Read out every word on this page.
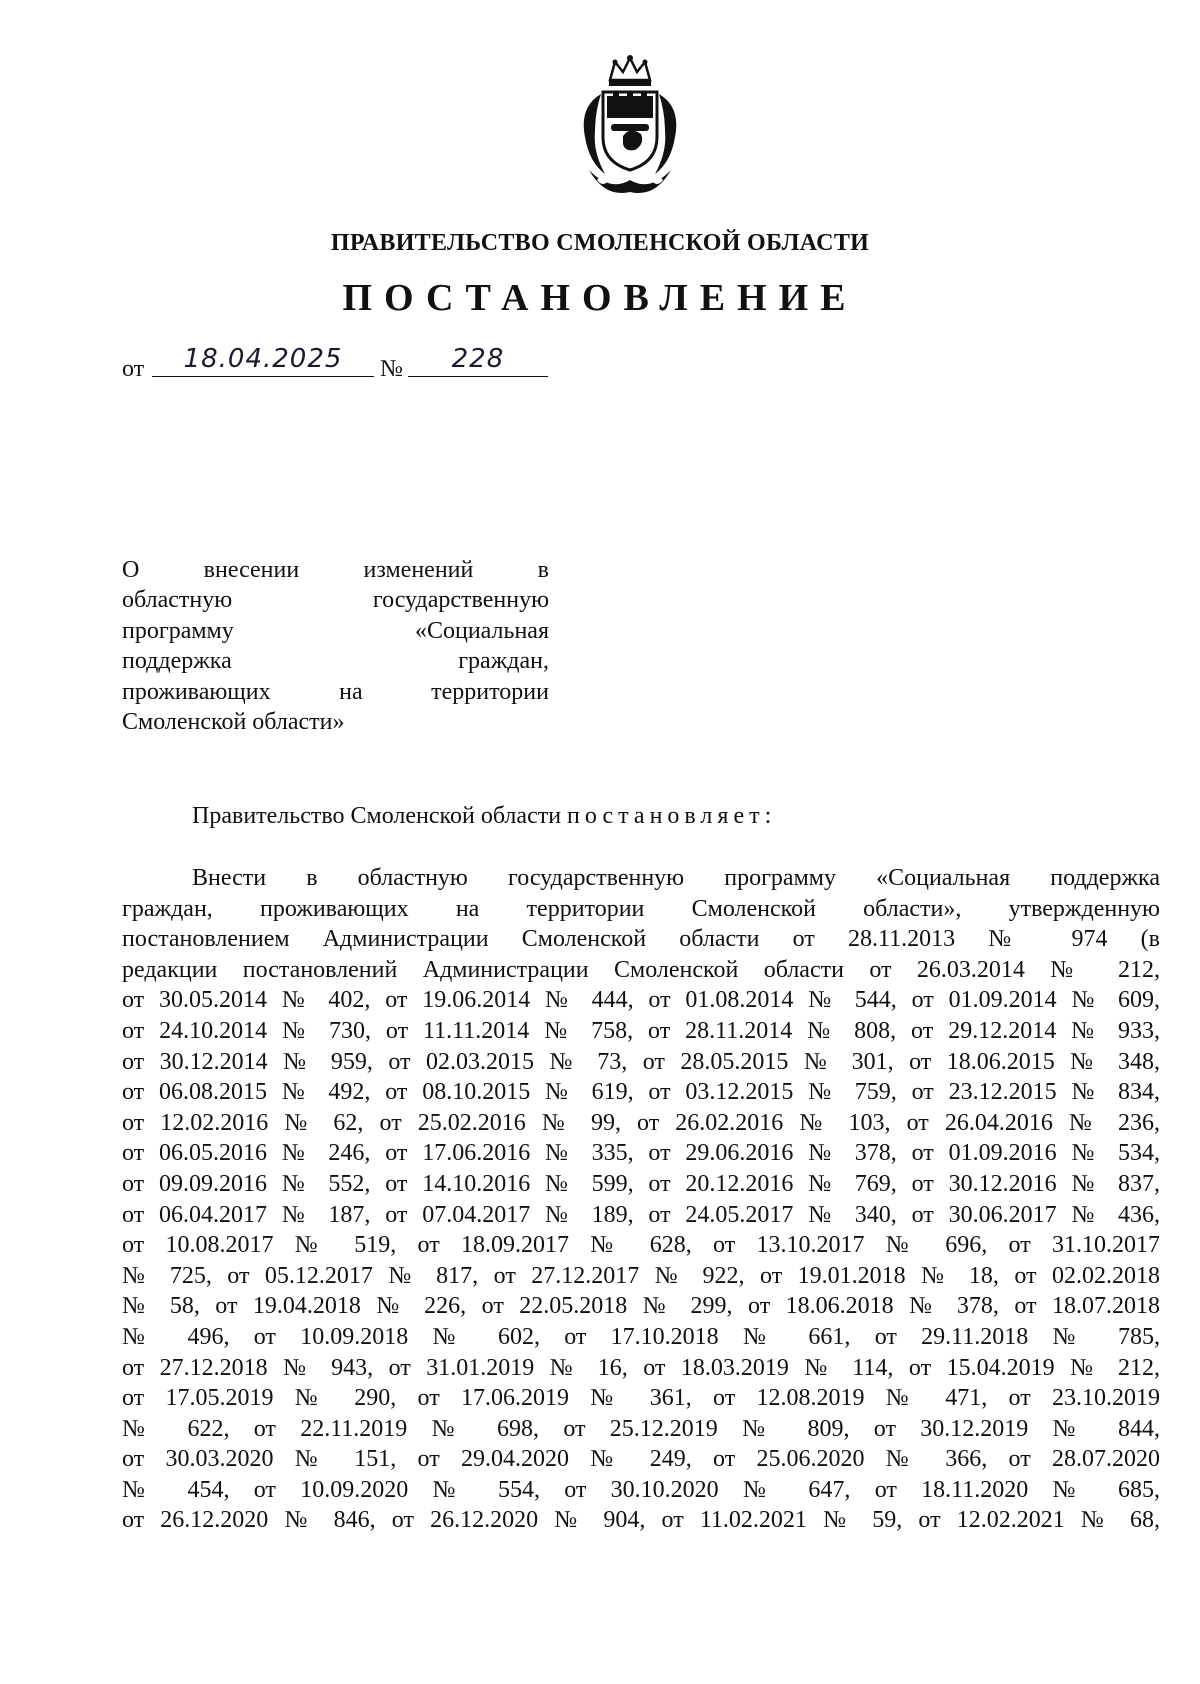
ПРАВИТЕЛЬСТВО СМОЛЕНСКОЙ ОБЛАСТИ
ПОСТАНОВЛЕНИЕ
от	18.04.2025	№	228
О внесении изменений в
областную государственную
программу «Социальная
поддержка граждан,
проживающих на территории
Смоленской области»
Правительство Смоленской области постановляет:
Внести в областную государственную программу «Социальная поддержка
граждан, проживающих на территории Смоленской области», утвержденную
постановлением Администрации Смоленской области от 28.11.2013 № 974 (в
редакции постановлений Администрации Смоленской области от 26.03.2014 № 212,
от 30.05.2014 № 402, от 19.06.2014 № 444, от 01.08.2014 № 544, от 01.09.2014 № 609,
от 24.10.2014 № 730, от 11.11.2014 № 758, от 28.11.2014 № 808, от 29.12.2014 № 933,
от 30.12.2014 № 959, от 02.03.2015 № 73, от 28.05.2015 № 301, от 18.06.2015 № 348,
от 06.08.2015 № 492, от 08.10.2015 № 619, от 03.12.2015 № 759, от 23.12.2015 № 834,
от 12.02.2016 № 62, от 25.02.2016 № 99, от 26.02.2016 № 103, от 26.04.2016 № 236,
от 06.05.2016 № 246, от 17.06.2016 № 335, от 29.06.2016 № 378, от 01.09.2016 № 534,
от 09.09.2016 № 552, от 14.10.2016 № 599, от 20.12.2016 № 769, от 30.12.2016 № 837,
от 06.04.2017 № 187, от 07.04.2017 № 189, от 24.05.2017 № 340, от 30.06.2017 № 436,
от 10.08.2017 № 519, от 18.09.2017 № 628, от 13.10.2017 № 696, от 31.10.2017
№ 725, от 05.12.2017 № 817, от 27.12.2017 № 922, от 19.01.2018 № 18, от 02.02.2018
№ 58, от 19.04.2018 № 226, от 22.05.2018 № 299, от 18.06.2018 № 378, от 18.07.2018
№ 496, от 10.09.2018 № 602, от 17.10.2018 № 661, от 29.11.2018 № 785,
от 27.12.2018 № 943, от 31.01.2019 № 16, от 18.03.2019 № 114, от 15.04.2019 № 212,
от 17.05.2019 № 290, от 17.06.2019 № 361, от 12.08.2019 № 471, от 23.10.2019
№ 622, от 22.11.2019 № 698, от 25.12.2019 № 809, от 30.12.2019 № 844,
от 30.03.2020 № 151, от 29.04.2020 № 249, от 25.06.2020 № 366, от 28.07.2020
№ 454, от 10.09.2020 № 554, от 30.10.2020 № 647, от 18.11.2020 № 685,
от 26.12.2020 № 846, от 26.12.2020 № 904, от 11.02.2021 № 59, от 12.02.2021 № 68,
